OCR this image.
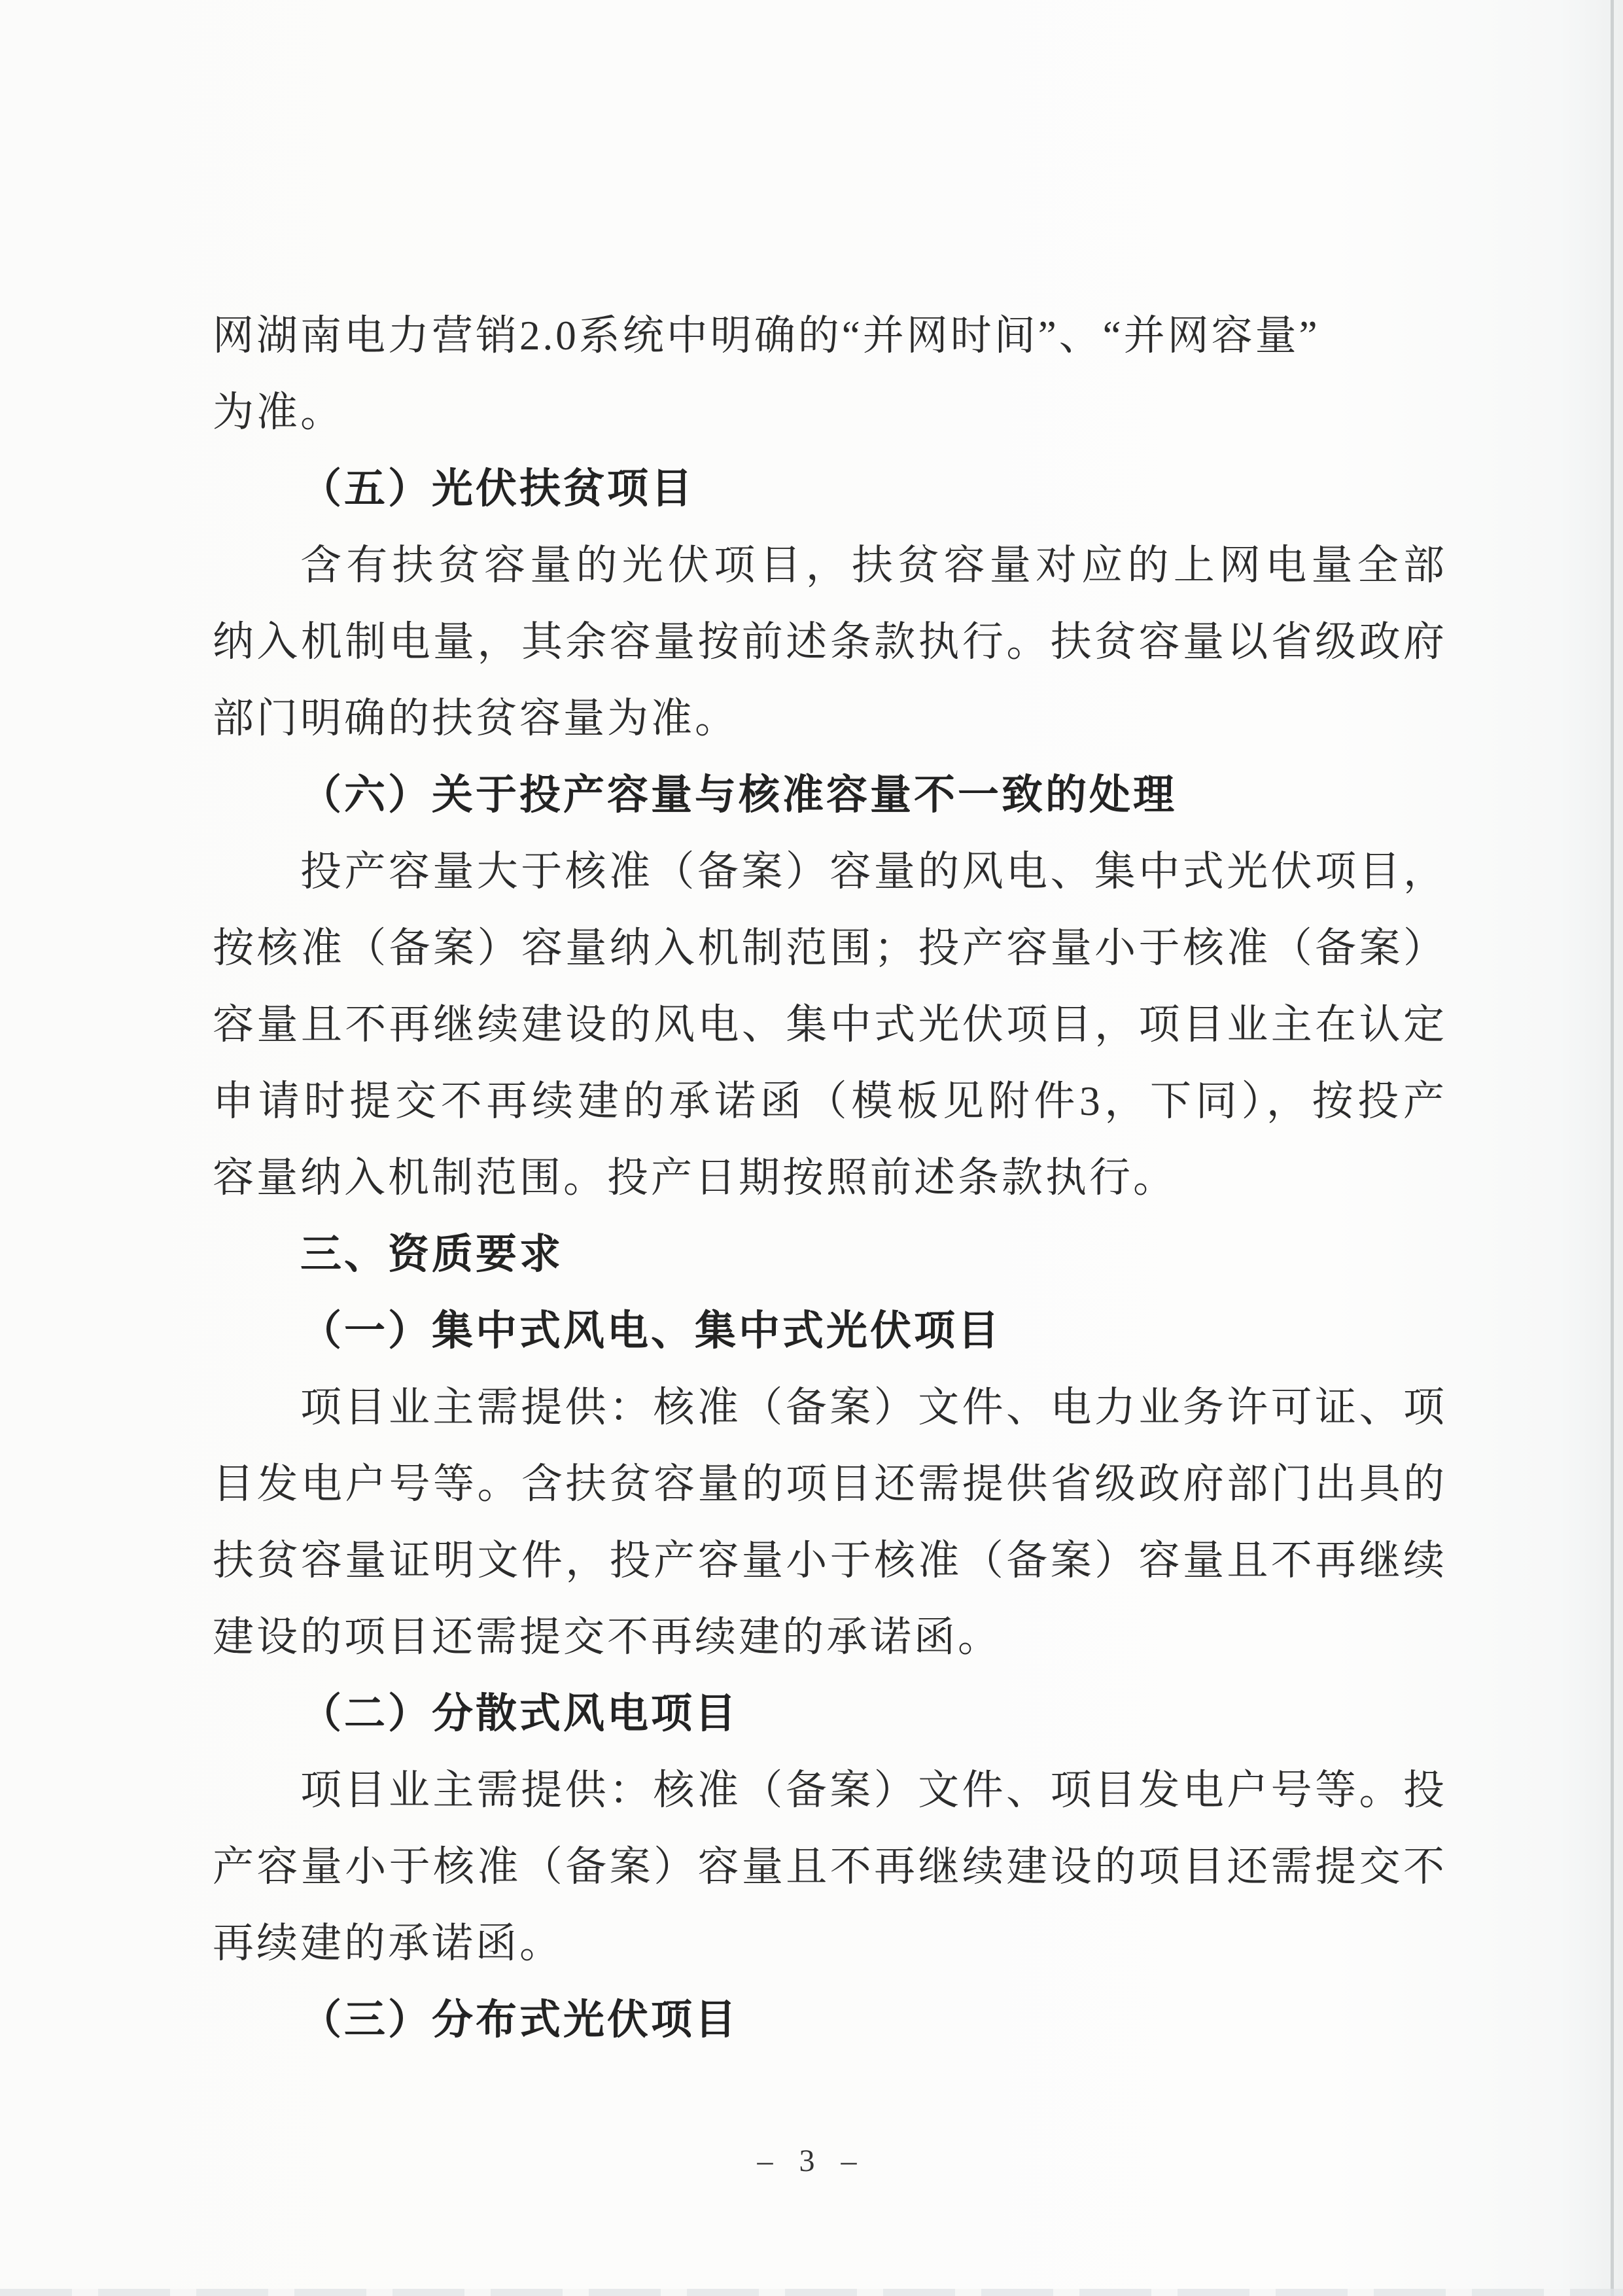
网湖南电力营销2.0系统中明确的“并网时间”、“并网容量”
为准。
（五）光伏扶贫项目
含有扶贫容量的光伏项目，扶贫容量对应的上网电量全部
纳入机制电量，其余容量按前述条款执行。扶贫容量以省级政府
部门明确的扶贫容量为准。
（六）关于投产容量与核准容量不一致的处理
投产容量大于核准（备案）容量的风电、集中式光伏项目，
按核准（备案）容量纳入机制范围；投产容量小于核准（备案）
容量且不再继续建设的风电、集中式光伏项目，项目业主在认定
申请时提交不再续建的承诺函（模板见附件3，下同），按投产
容量纳入机制范围。投产日期按照前述条款执行。
三、资质要求
（一）集中式风电、集中式光伏项目
项目业主需提供：核准（备案）文件、电力业务许可证、项
目发电户号等。含扶贫容量的项目还需提供省级政府部门出具的
扶贫容量证明文件，投产容量小于核准（备案）容量且不再继续
建设的项目还需提交不再续建的承诺函。
（二）分散式风电项目
项目业主需提供：核准（备案）文件、项目发电户号等。投
产容量小于核准（备案）容量且不再继续建设的项目还需提交不
再续建的承诺函。
（三）分布式光伏项目
– 3 –
